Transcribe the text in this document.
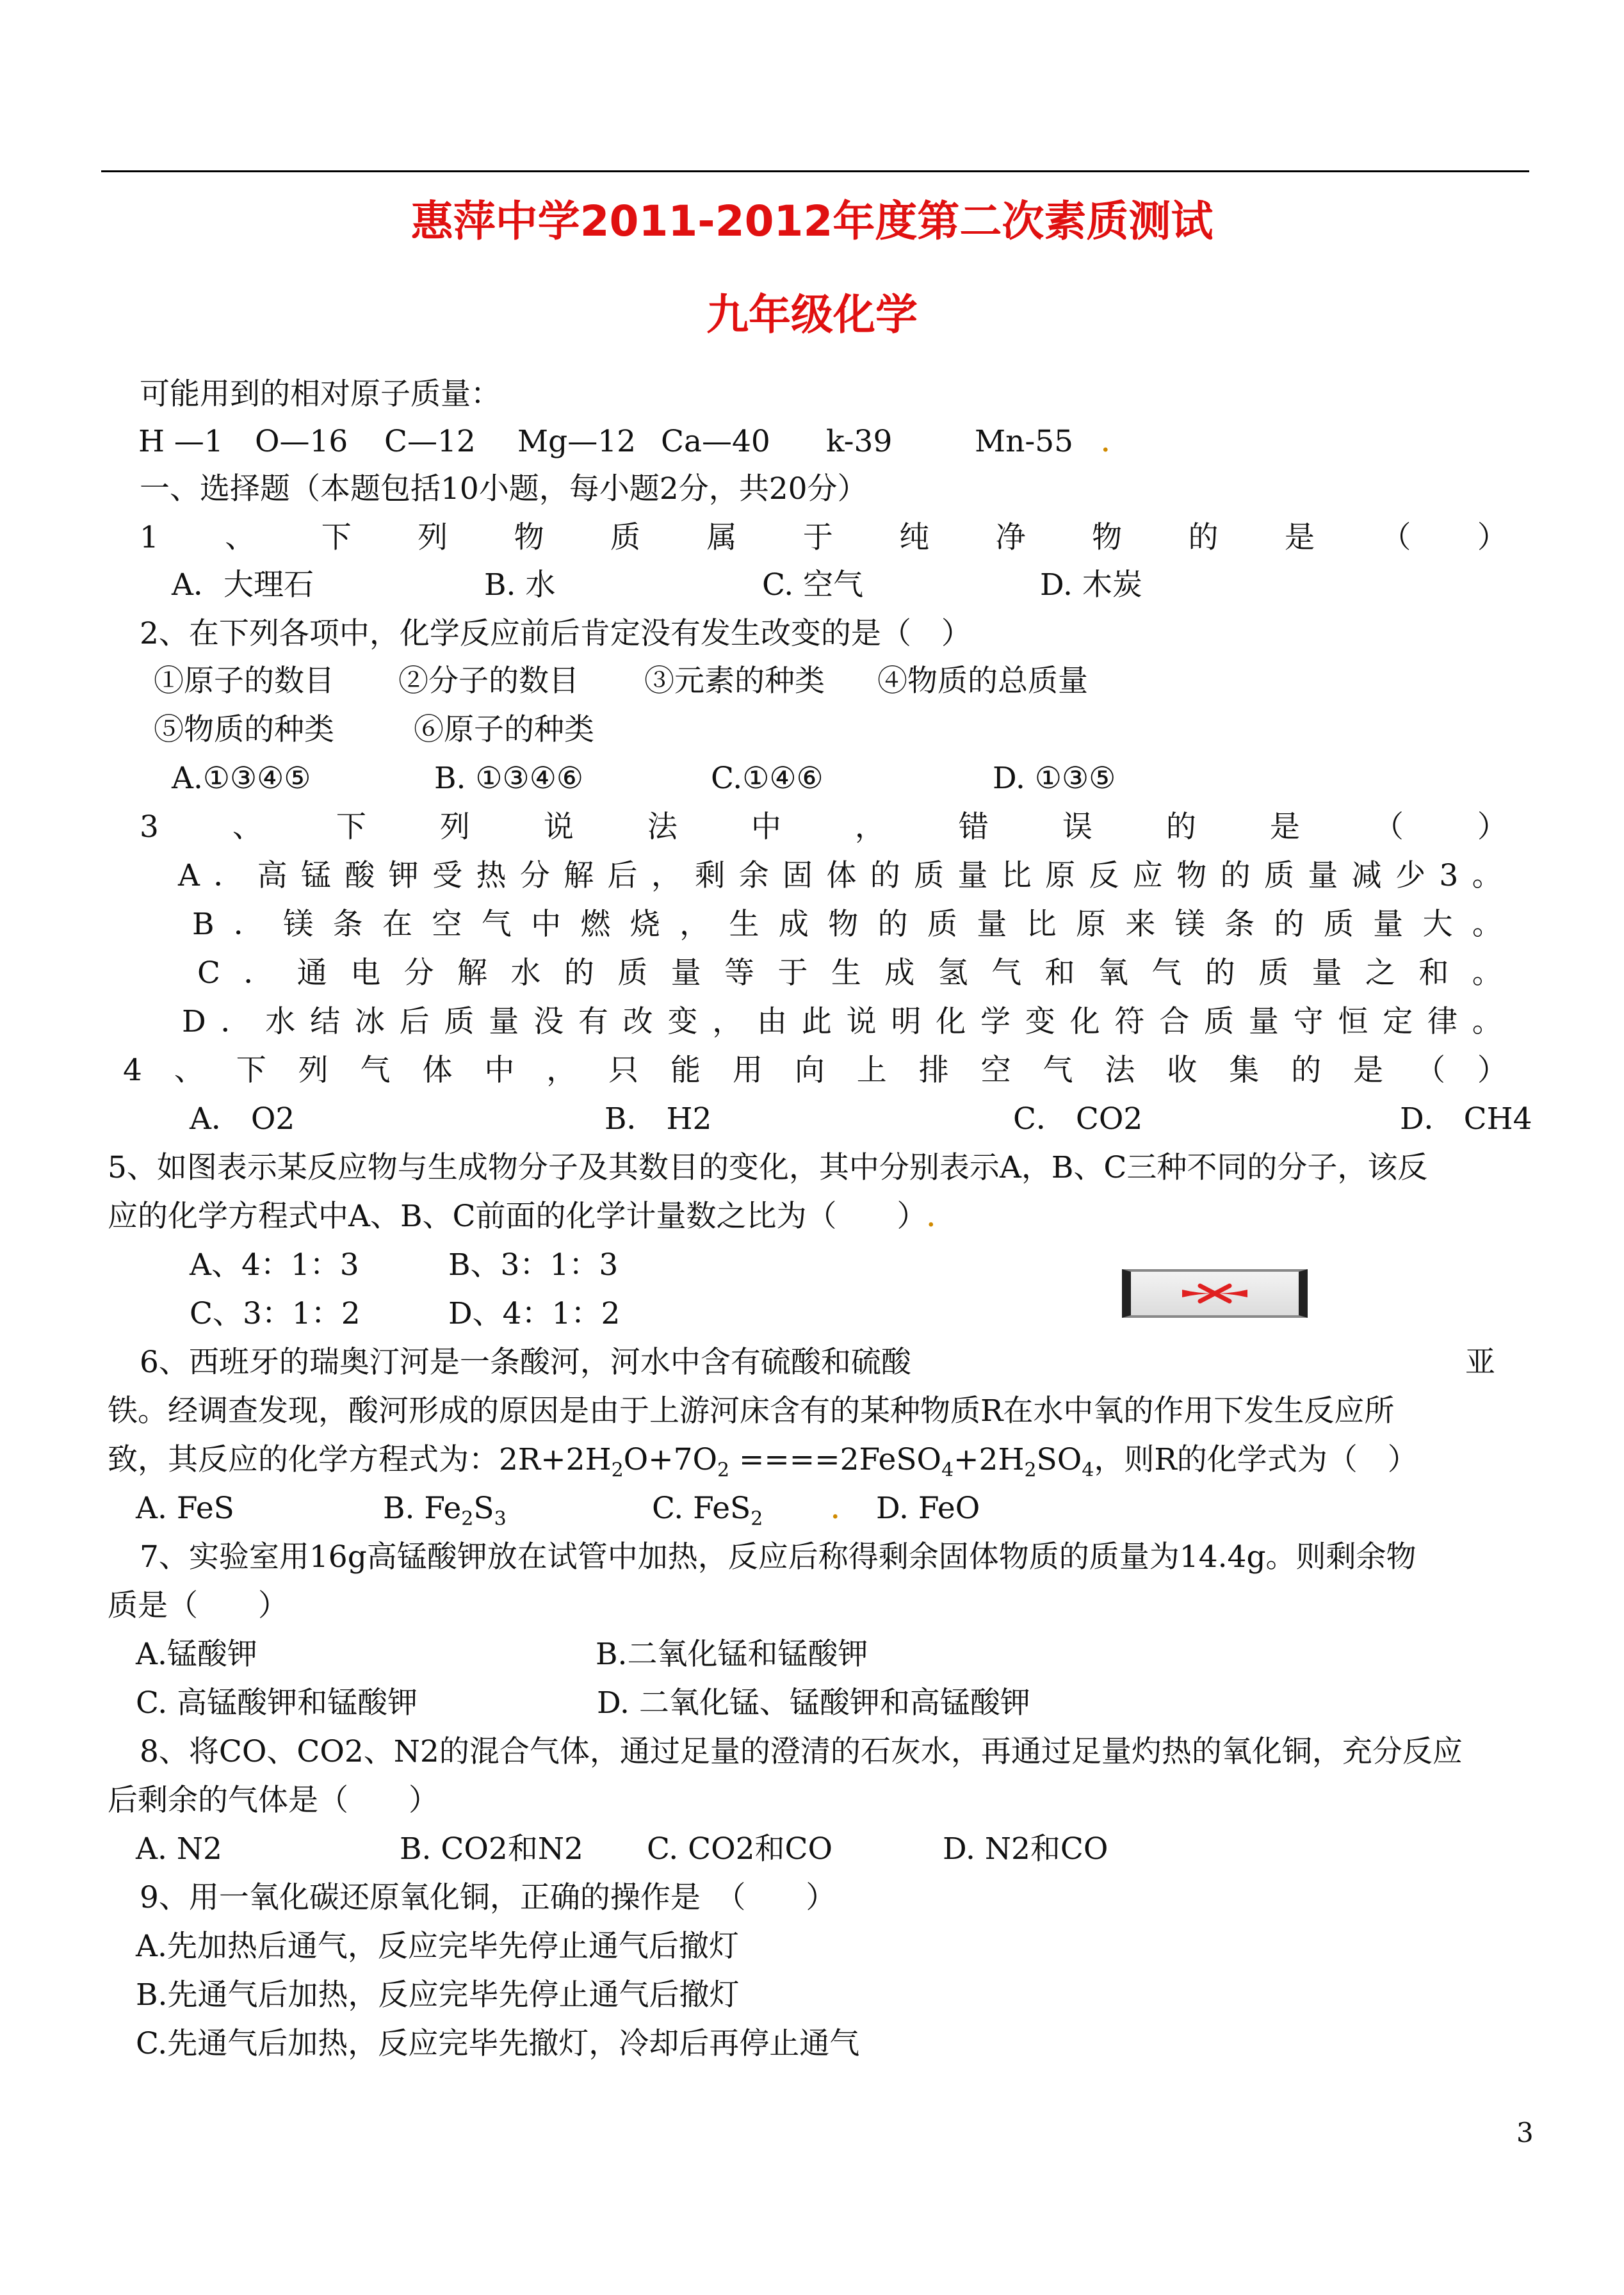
惠萍中学2011-2012年度第二次素质测试
九年级化学
可能用到的相对原子质量：
H —1 O—16 C—12 Mg—12 Ca—40 k-39	Mn-55 .
一、选择题（本题包括10小题，每小题2分，共20分）
1 、 下 列 物 质 属 于 纯 净 物 的 是 （ ）
A．大理石	B. 水	C. 空气	D. 木炭
2、在下列各项中，化学反应前后肯定没有发生改变的是（　）
①原子的数目 ②分子的数目 ③元素的种类 ④物质的总质量
⑤物质的种类	⑥原子的种类
A.①③④⑤	B. ①③④⑥	C.①④⑥	D. ①③⑤
3 、 下 列 说 法 中 ， 错 误 的 是 （ ）
A ． 高 锰 酸 钾 受 热 分 解 后 ， 剩 余 固 体 的 质 量 比 原 反 应 物 的 质 量 减 少 3 。
B ． 镁 条 在 空 气 中 燃 烧 ， 生 成 物 的 质 量 比 原 来 镁 条 的 质 量 大 。
C ． 通 电 分 解 水 的 质 量 等 于 生 成 氢 气 和 氧 气 的 质 量 之 和 。
D ． 水 结 冰 后 质 量 没 有 改 变 ， 由 此 说 明 化 学 变 化 符 合 质 量 守 恒 定 律 。
4 、 下 列 气 体 中 ， 只 能 用 向 上 排 空 气 法 收 集 的 是 （ ）
A． O2	B． H2	C． CO2	D． CH4
5、如图表示某反应物与生成物分子及其数目的变化，其中分别表示A，B、C三种不同的分子，该反
应的化学方程式中A、B、C前面的化学计量数之比为（　　）.
A、4：1：3	B、3：1：3
C、3：1：2	D、4：1：2
6、西班牙的瑞奥汀河是一条酸河，河水中含有硫酸和硫酸	亚
铁。经调查发现，酸河形成的原因是由于上游河床含有的某种物质R在水中氧的作用下发生反应所
致，其反应的化学方程式为：$2R+2H_2O+7O_2$ $====2FeSO_4+2H_2SO_4$，则R的化学式为（　）
A. FeS	B. $Fe_2S_3$	C. FeS$_2$	. D. FeO
7、实验室用16g高锰酸钾放在试管中加热，反应后称得剩余固体物质的质量为14.4g。则剩余物
质是（　　）
A.锰酸钾	B.二氧化锰和锰酸钾
C. 高锰酸钾和锰酸钾	D. 二氧化锰、锰酸钾和高锰酸钾
8、将CO、CO2、N2的混合气体，通过足量的澄清的石灰水，再通过足量灼热的氧化铜，充分反应
后剩余的气体是（　　）
A. N2	B. CO2和N2 C. CO2和CO	D. N2和CO
9、用一氧化碳还原氧化铜，正确的操作是　（　　）
A.先加热后通气，反应完毕先停止通气后撤灯
B.先通气后加热，反应完毕先停止通气后撤灯
C.先通气后加热，反应完毕先撤灯，冷却后再停止通气
3
